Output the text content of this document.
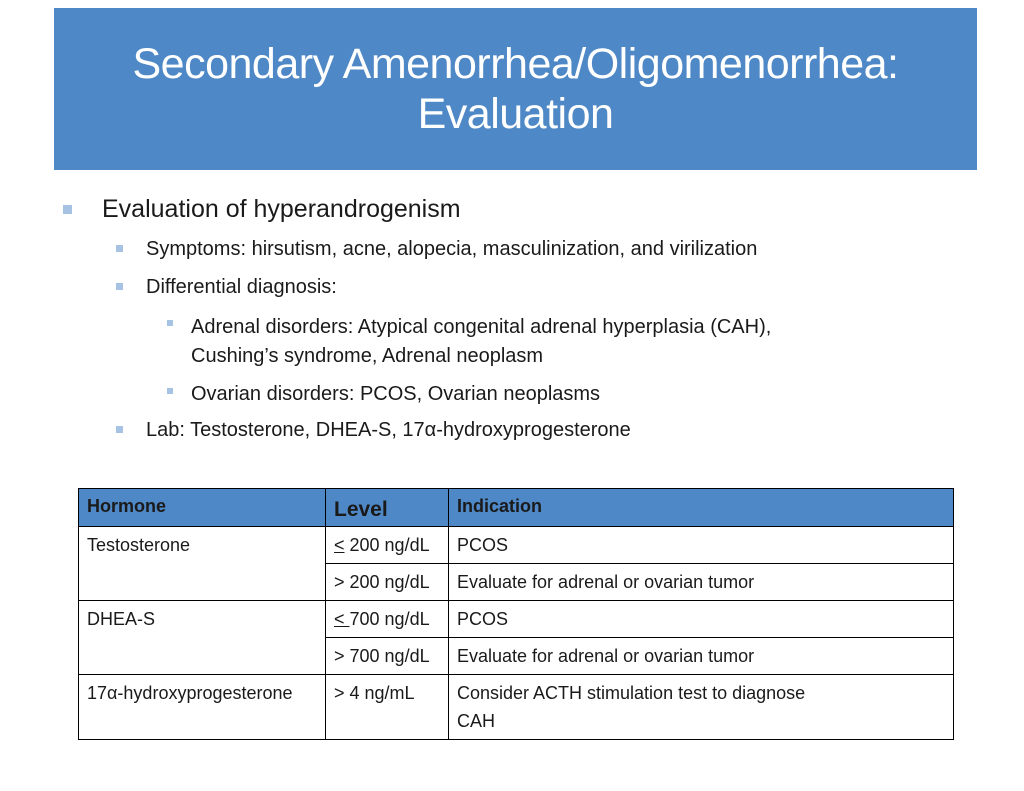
Secondary Amenorrhea/Oligomenorrhea:
Evaluation
Evaluation of hyperandrogenism
Symptoms: hirsutism, acne, alopecia, masculinization, and virilization
Differential diagnosis:
Adrenal disorders: Atypical congenital adrenal hyperplasia (CAH),
Cushing’s syndrome, Adrenal neoplasm
Ovarian disorders: PCOS, Ovarian neoplasms
Lab: Testosterone, DHEA-S, 17α-hydroxyprogesterone
Hormone	Level	Indication
Testosterone	< 200 ng/dL	PCOS
	> 200 ng/dL	Evaluate for adrenal or ovarian tumor
DHEA-S	< 700 ng/dL	PCOS
	> 700 ng/dL	Evaluate for adrenal or ovarian tumor
17α-hydroxyprogesterone	> 4 ng/mL	Consider ACTH stimulation test to diagnose
CAH
